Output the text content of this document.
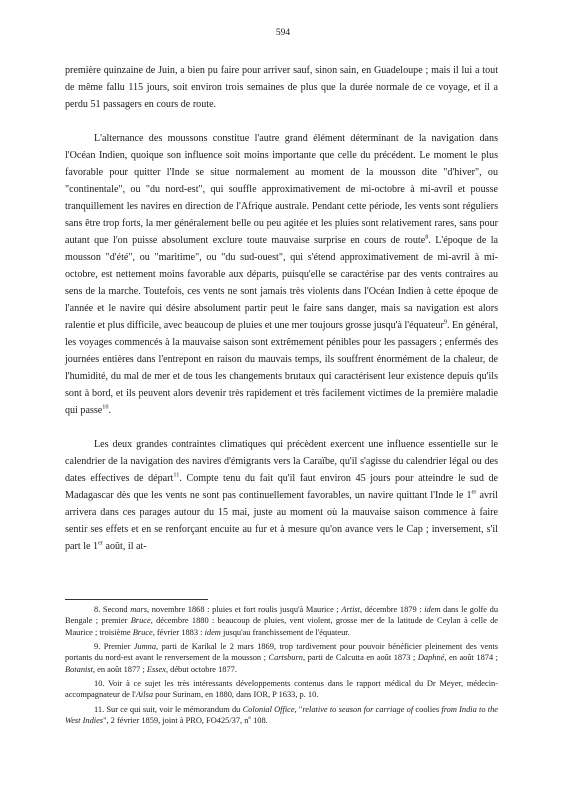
594

première quinzaine de Juin, a bien pu faire pour arriver sauf, sinon sain, en Guadeloupe ; mais il lui a tout de même fallu 115 jours, soit environ trois semaines de plus que la durée normale de ce voyage, et il a perdu 51 passagers en cours de route.

L'alternance des moussons constitue l'autre grand élément déterminant de la navigation dans l'Océan Indien, quoique son influence soit moins importante que celle du précédent. Le moment le plus favorable pour quitter l'Inde se situe normalement au moment de la mousson dite "d'hiver", ou "continentale", ou "du nord-est", qui souffle approximativement de mi-octobre à mi-avril et pousse tranquillement les navires en direction de l'Afrique australe. Pendant cette période, les vents sont réguliers sans être trop forts, la mer généralement belle ou peu agitée et les pluies sont relativement rares, sans pour autant que l'on puisse absolument exclure toute mauvaise surprise en cours de route$^8$. L'époque de la mousson "d'été", ou "maritime", ou "du sud-ouest", qui s'étend approximativement de mi-avril à mi-octobre, est nettement moins favorable aux départs, puisqu'elle se caractérise par des vents contraires au sens de la marche. Toutefois, ces vents ne sont jamais très violents dans l'Océan Indien à cette époque de l'année et le navire qui désire absolument partir peut le faire sans danger, mais sa navigation est alors ralentie et plus difficile, avec beaucoup de pluies et une mer toujours grosse jusqu'à l'équateur$^9$. En général, les voyages commencés à la mauvaise saison sont extrêmement pénibles pour les passagers ; enfermés des journées entières dans l'entrepont en raison du mauvais temps, ils souffrent énormément de la chaleur, de l'humidité, du mal de mer et de tous les changements brutaux qui caractérisent leur existence depuis qu'ils sont à bord, et ils peuvent alors devenir très rapidement et très facilement victimes de la première maladie qui passe$^{10}$.

Les deux grandes contraintes climatiques qui précèdent exercent une influence essentielle sur le calendrier de la navigation des navires d'émigrants vers la Caraïbe, qu'il s'agisse du calendrier légal ou des dates effectives de départ$^{11}$. Compte tenu du fait qu'il faut environ 45 jours pour atteindre le sud de Madagascar dès que les vents ne sont pas continuellement favorables, un navire quittant l'Inde le 1er avril arrivera dans ces parages autour du 15 mai, juste au moment où la mauvaise saison commence à faire sentir ses effets et en se renforçant encuite au fur et à mesure qu'on avance vers le Cap ; inversement, s'il part le 1er août, il at-

8. Second mars, novembre 1868 : pluies et fort roulis jusqu'à Maurice ; Artist, décembre 1879 : idem dans le golfe du Bengale ; premier Bruce, décembre 1880 : beaucoup de pluies, vent violent, grosse mer de la latitude de Ceylan à celle de Maurice ; troisième Bruce, février 1883 : idem jusqu'au franchissement de l'équateur.

9. Premier Jumna, parti de Karikal le 2 mars 1869, trop tardivement pour pouvoir bénéficier pleinement des vents portants du nord-est avant le renversement de la mousson ; Cartsburn, parti de Calcutta en août 1873 ; Daphné, en août 1874 ; Botanist, en août 1877 ; Essex, début octobre 1877.

10. Voir à ce sujet les très intéressants développements contenus dans le rapport médical du Dr Meyer, médecin-accompagnateur de l'Ailsa pour Surinam, en 1880, dans IOR, P 1633, p. 10.

11. Sur ce qui suit, voir le mémorandum du Colonial Office, "relative to season for carriage of coolies from India to the West Indies", 2 février 1859, joint à PRO, FO425/37, $n^o$ 108.
